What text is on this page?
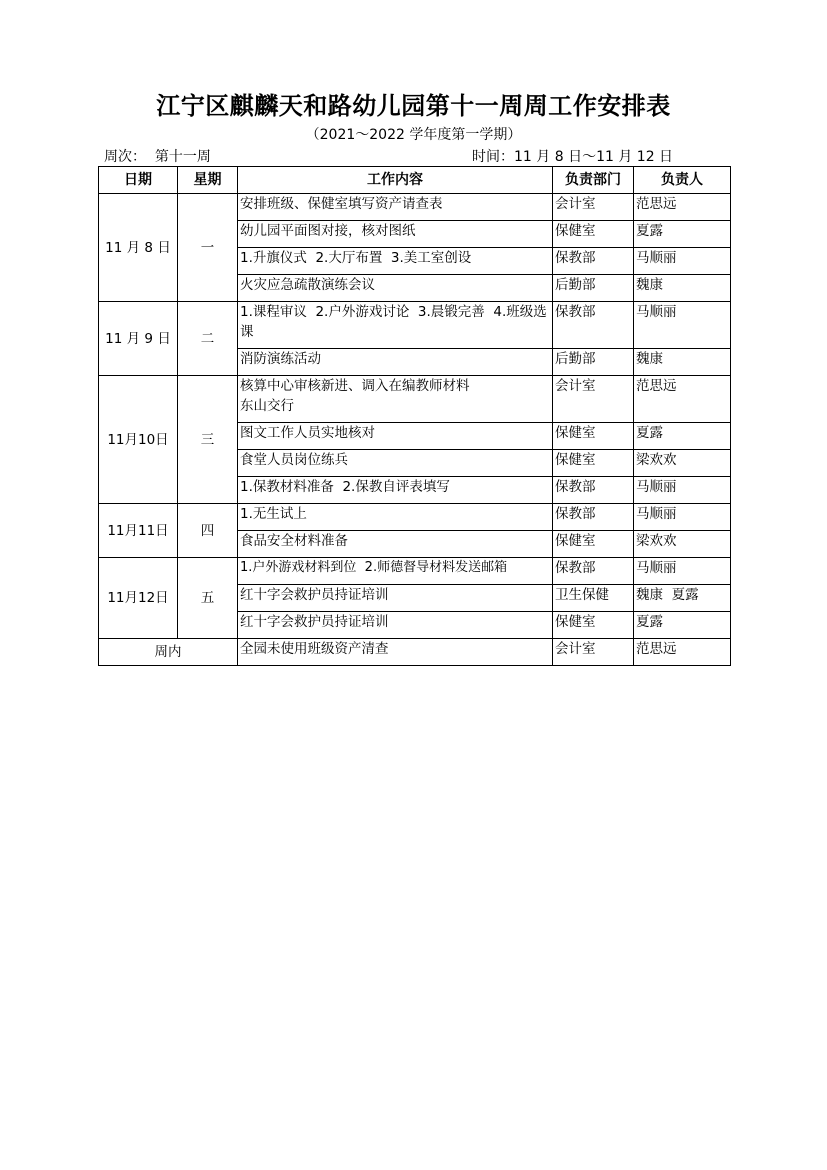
江宁区麒麟天和路幼儿园第十一周周工作安排表
（2021～2022 学年度第一学期）
周次：  第十一周	时间：11 月 8 日～11 月 12 日
日期	星期	工作内容	负责部门	负责人
11 月 8 日	一	安排班级、保健室填写资产请查表	会计室	范思远
		幼儿园平面图对接，核对图纸	保健室	夏露
		1.升旗仪式  2.大厅布置  3.美工室创设	保教部	马顺丽
		火灾应急疏散演练会议	后勤部	魏康
11 月 9 日	二	1.课程审议  2.户外游戏讨论  3.晨锻完善  4.班级选课	保教部	马顺丽
		消防演练活动	后勤部	魏康
11月10日	三	核算中心审核新进、调入在编教师材料
东山交行	会计室	范思远
		图文工作人员实地核对	保健室	夏露
		食堂人员岗位练兵	保健室	梁欢欢
		1.保教材料准备  2.保教自评表填写	保教部	马顺丽
11月11日	四	1.无生试上	保教部	马顺丽
		食品安全材料准备	保健室	梁欢欢
11月12日	五	1.户外游戏材料到位  2.师德督导材料发送邮箱	保教部	马顺丽
		红十字会救护员持证培训	卫生保健	魏康  夏露
		红十字会救护员持证培训	保健室	夏露
周内		全园未使用班级资产清查	会计室	范思远
